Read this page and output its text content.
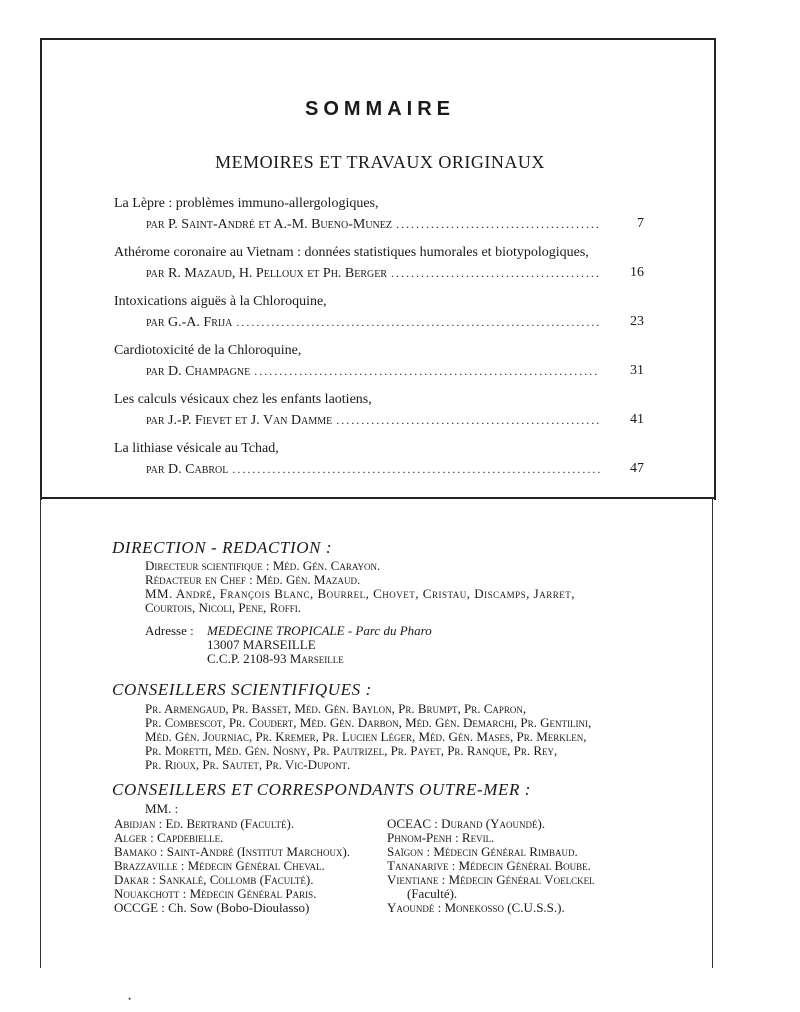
SOMMAIRE
MEMOIRES ET TRAVAUX ORIGINAUX
La Lèpre : problèmes immuno-allergologiques,
par P. Saint-André et A.-M. Bueno-Munez .....	7
Athérome coronaire au Vietnam : données statistiques humorales et biotypologiques,
par R. Mazaud, H. Pelloux et Ph. Berger .....	16
Intoxications aiguës à la Chloroquine,
par G.-A. Frija .....	23
Cardiotoxicité de la Chloroquine,
par D. Champagne .....	31
Les calculs vésicaux chez les enfants laotiens,
par J.-P. Fievet et J. Van Damme .....	41
La lithiase vésicale au Tchad,
par D. Cabrol .....	47
DIRECTION - REDACTION :
Directeur scientifique : Méd. Gén. Carayon.
Rédacteur en Chef : Méd. Gén. Mazaud.
MM. André, François Blanc, Bourrel, Chovet, Cristau, Discamps, Jarret,
Courtois, Nicoli, Pene, Roffi.
Adresse : MEDECINE TROPICALE - Parc du Pharo
13007 MARSEILLE
C.C.P. 2108-93 Marseille
CONSEILLERS SCIENTIFIQUES :
Pr. Armengaud, Pr. Basset, Méd. Gén. Baylon, Pr. Brumpt, Pr. Capron,
Pr. Combescot, Pr. Coudert, Méd. Gén. Darbon, Méd. Gén. Demarchi, Pr. Gentilini,
Méd. Gén. Journiac, Pr. Kremer, Pr. Lucien Léger, Méd. Gén. Mases, Pr. Merklen,
Pr. Moretti, Méd. Gén. Nosny, Pr. Pautrizel, Pr. Payet, Pr. Ranque, Pr. Rey,
Pr. Rioux, Pr. Sautet, Pr. Vic-Dupont.
CONSEILLERS ET CORRESPONDANTS OUTRE-MER :
MM. :
Abidjan : Ed. Bertrand (Faculté).
Alger : Capdebielle.
Bamako : Saint-André (Institut Marchoux).
Brazzaville : Médecin Général Cheval.
Dakar : Sankalé, Collomb (Faculté).
Nouakchott : Médecin Général Paris.
OCCGE : Ch. Sow (Bobo-Dioulasso)
OCEAC : Durand (Yaoundé).
Phnom-Penh : Revil.
Saïgon : Médecin Général Rimbaud.
Tananarive : Médecin Général Boube.
Vientiane : Médecin Général Voelckel
(Faculté).
Yaoundé : Monekosso (C.U.S.S.).
•
